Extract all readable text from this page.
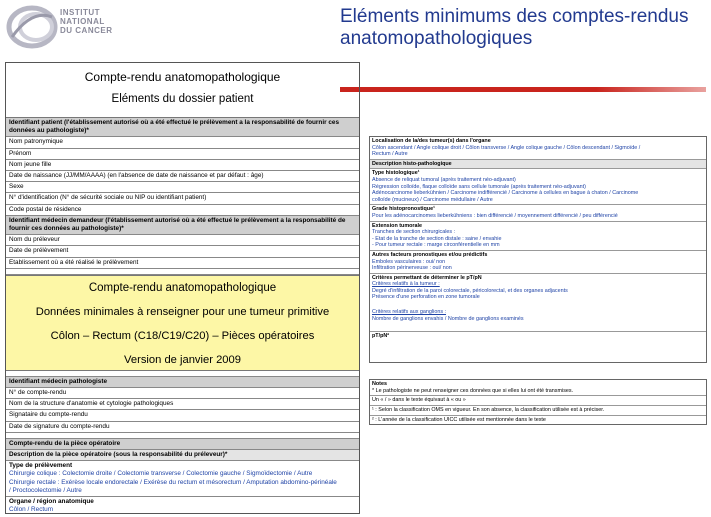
INSTITUT
NATIONAL
DU CANCER
Eléments minimums des comptes-rendus
anatomopathologiques
Compte-rendu anatomopathologique
Eléments du dossier patient
Identifiant patient (l'établissement autorisé où a été effectué le prélèvement a la responsabilité de fournir ces données au pathologiste)*
Nom patronymique
Prénom
Nom jeune fille
Date de naissance (JJ/MM/AAAA) (en l'absence de date de naissance et par défaut : âge)
Sexe
N° d'identification (N° de sécurité sociale ou NIP ou identifiant patient)
Code postal de résidence
Identifiant médecin demandeur (l'établissement autorisé où a été effectué le prélèvement a la responsabilité de fournir ces données au pathologiste)*
Nom du préleveur
Date de prélèvement
Etablissement où a été réalisé le prélèvement
Compte-rendu anatomopathologique
Données minimales à renseigner pour une tumeur primitive
Côlon – Rectum (C18/C19/C20) – Pièces opératoires
Version de janvier 2009
Identifiant médecin pathologiste
N° de compte-rendu
Nom de la structure d'anatomie et cytologie pathologiques
Signataire du compte-rendu
Date de signature du compte-rendu
Compte-rendu de la pièce opératoire
Description de la pièce opératoire (sous la responsabilité du préleveur)*
Type de prélèvement
Chirurgie colique : Colectomie droite / Colectomie transverse / Colectomie gauche / Sigmoïdectomie / Autre
Chirurgie rectale : Exérèse locale endorectale / Exérèse du rectum et mésorectum / Amputation abdomino-périnéale
/ Proctocolectomie / Autre
Organe / région anatomique
Côlon / Rectum
Localisation de la/des tumeur(s) dans l'organe
Côlon ascendant / Angle colique droit / Côlon transverse / Angle colique gauche / Côlon descendant / Sigmoïde /
Rectum / Autre
Description histo-pathologique
Type histologique¹
Absence de reliquat tumoral (après traitement néo-adjuvant)
Régression colloïde, flaque colloïde sans cellule tumorale (après traitement néo-adjuvant)
Adénocarcinome lieberkühnien / Carcinome indifférencié / Carcinome à cellules en bague à chaton / Carcinome
colloïde (mucineux) / Carcinome médullaire / Autre
Grade histopronostique¹
Pour les adénocarcinomes lieberkühniens : bien différencié / moyennement différencié / peu différencié
Extension tumorale
Tranches de section chirurgicales :
- Etat de la tranche de section distale : saine / envahie
- Pour tumeur rectale : marge circonférentielle en mm
Autres facteurs pronostiques et/ou prédictifs
Emboles vasculaires : oui/ non
Infiltration périnerveuse : oui/ non
Critères permettant de déterminer le pT/pN
Critères relatifs à la tumeur :
Degré d'infiltration de la paroi colorectale, péricolorectal, et des organes adjacents
Présence d'une perforation en zone tumorale
Critères relatifs aux ganglions :
Nombre de ganglions envahis / Nombre de ganglions examinés
pT/pN²
Notes
* Le pathologiste ne peut renseigner ces données que si elles lui ont été transmises.
Un « / » dans le texte équivaut à « ou »
¹ : Selon la classification OMS en vigueur. En son absence, la classification utilisée est à préciser.
² : L'année de la classification UICC utilisée est mentionnée dans le texte
